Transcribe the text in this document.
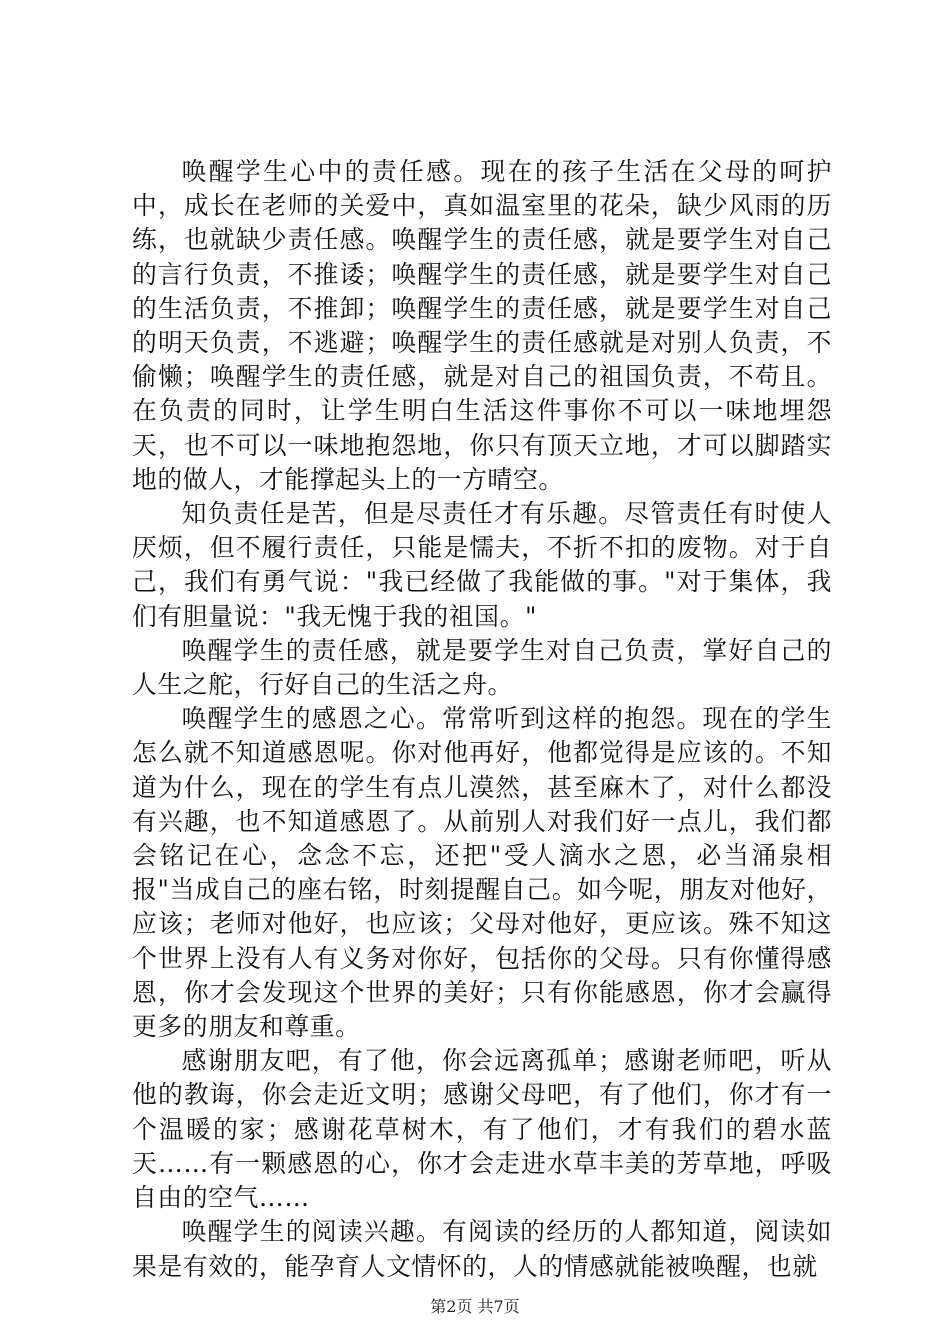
唤醒学生心中的责任感。现在的孩子生活在父母的呵护中，成长在老师的关爱中，真如温室里的花朵，缺少风雨的历练，也就缺少责任感。唤醒学生的责任感，就是要学生对自己的言行负责，不推诿；唤醒学生的责任感，就是要学生对自己的生活负责，不推卸；唤醒学生的责任感，就是要学生对自己的明天负责，不逃避；唤醒学生的责任感就是对别人负责，不偷懒；唤醒学生的责任感，就是对自己的祖国负责，不苟且。在负责的同时，让学生明白生活这件事你不可以一味地埋怨天，也不可以一味地抱怨地，你只有顶天立地，才可以脚踏实地的做人，才能撑起头上的一方晴空。

知负责任是苦，但是尽责任才有乐趣。尽管责任有时使人厌烦，但不履行责任，只能是懦夫，不折不扣的废物。对于自己，我们有勇气说："我已经做了我能做的事。"对于集体，我们有胆量说："我无愧于我的祖国。"

唤醒学生的责任感，就是要学生对自己负责，掌好自己的人生之舵，行好自己的生活之舟。

唤醒学生的感恩之心。常常听到这样的抱怨。现在的学生怎么就不知道感恩呢。你对他再好，他都觉得是应该的。不知道为什么，现在的学生有点儿漠然，甚至麻木了，对什么都没有兴趣，也不知道感恩了。从前别人对我们好一点儿，我们都会铭记在心，念念不忘，还把"受人滴水之恩，必当涌泉相报"当成自己的座右铭，时刻提醒自己。如今呢，朋友对他好，应该；老师对他好，也应该；父母对他好，更应该。殊不知这个世界上没有人有义务对你好，包括你的父母。只有你懂得感恩，你才会发现这个世界的美好；只有你能感恩，你才会赢得更多的朋友和尊重。

感谢朋友吧，有了他，你会远离孤单；感谢老师吧，听从他的教诲，你会走近文明；感谢父母吧，有了他们，你才有一个温暖的家；感谢花草树木，有了他们，才有我们的碧水蓝天……有一颗感恩的心，你才会走进水草丰美的芳草地，呼吸自由的空气……

唤醒学生的阅读兴趣。有阅读的经历的人都知道，阅读如果是有效的，能孕育人文情怀的，人的情感就能被唤醒，也就

第2页 共7页
